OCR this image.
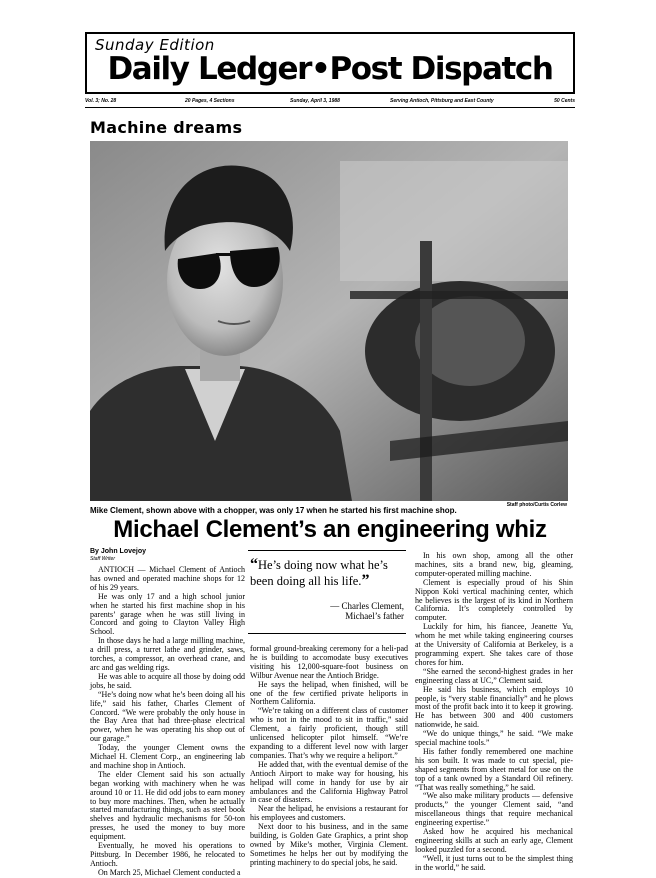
Sunday Edition
Daily Ledger•Post Dispatch
Vol. 3; No. 28	20 Pages, 4 Sections	Sunday, April 3, 1988	Serving Antioch, Pittsburg and East County	50 Cents
Machine dreams
Staff photo/Curtis Corlew
Mike Clement, shown above with a chopper, was only 17 when he started his first machine shop.
Michael Clement’s an engineering whiz
By John Lovejoy
Staff Writer

ANTIOCH — Michael Clement of Antioch has owned and operated machine shops for 12 of his 29 years.

He was only 17 and a high school junior when he started his first machine shop in his parents’ garage when he was still living in Concord and going to Clayton Valley High School.

In those days he had a large milling machine, a drill press, a turret lathe and grinder, saws, torches, a compressor, an overhead crane, and arc and gas welding rigs.

He was able to acquire all those by doing odd jobs, he said.

“He’s doing now what he’s been doing all his life,” said his father, Charles Clement of Concord. “We were probably the only house in the Bay Area that had three-phase electrical power, when he was operating his shop out of our garage.”

Today, the younger Clement owns the Michael H. Clement Corp., an engineering lab and machine shop in Antioch.

The elder Clement said his son actually began working with machinery when he was around 10 or 11. He did odd jobs to earn money to buy more machines. Then, when he actually started manufacturing things, such as steel book shelves and hydraulic mechanisms for 50-ton presses, he used the money to buy more equipment.

Eventually, he moved his operations to Pittsburg. In December 1986, he relocated to Antioch.

On March 25, Michael Clement conducted a

“He’s doing now what he’s been doing all his life.”
— Charles Clement,
Michael’s father

formal ground-breaking ceremony for a heli-pad he is building to accomodate busy executives visiting his 12,000-square-foot business on Wilbur Avenue near the Antioch Bridge.

He says the helipad, when finished, will be one of the few certified private heliports in Northern California.

“We’re taking on a different class of customer who is not in the mood to sit in traffic,” said Clement, a fairly proficient, though still unlicensed helicopter pilot himself. “We’re expanding to a different level now with larger companies. That’s why we require a heliport.”

He added that, with the eventual demise of the Antioch Airport to make way for housing, his helipad will come in handy for use by air ambulances and the California Highway Patrol in case of disasters.

Near the helipad, he envisions a restaurant for his employees and customers.

Next door to his business, and in the same building, is Golden Gate Graphics, a print shop owned by Mike’s mother, Virginia Clement. Sometimes he helps her out by modifying the printing machinery to do special jobs, he said.

In his own shop, among all the other machines, sits a brand new, big, gleaming, computer-operated milling machine.

Clement is especially proud of his Shin Nippon Koki vertical machining center, which he believes is the largest of its kind in Northern California. It’s completely controlled by computer.

Luckily for him, his fiancee, Jeanette Yu, whom he met while taking engineering courses at the University of California at Berkeley, is a programming expert. She takes care of those chores for him.

“She earned the second-highest grades in her engineering class at UC,” Clement said.

He said his business, which employs 10 people, is “very stable financially” and he plows most of the profit back into it to keep it growing. He has between 300 and 400 customers nationwide, he said.

“We do unique things,” he said. “We make special machine tools.”

His father fondly remembered one machine his son built. It was made to cut special, pie-shaped segments from sheet metal for use on the top of a tank owned by a Standard Oil refinery. “That was really something,” he said.

“We also make military products — defensive products,” the younger Clement said, “and miscellaneous things that require mechanical engineering expertise.”

Asked how he acquired his mechanical engineering skills at such an early age, Clement looked puzzled for a second.

“Well, it just turns out to be the simplest thing in the world,” he said.
